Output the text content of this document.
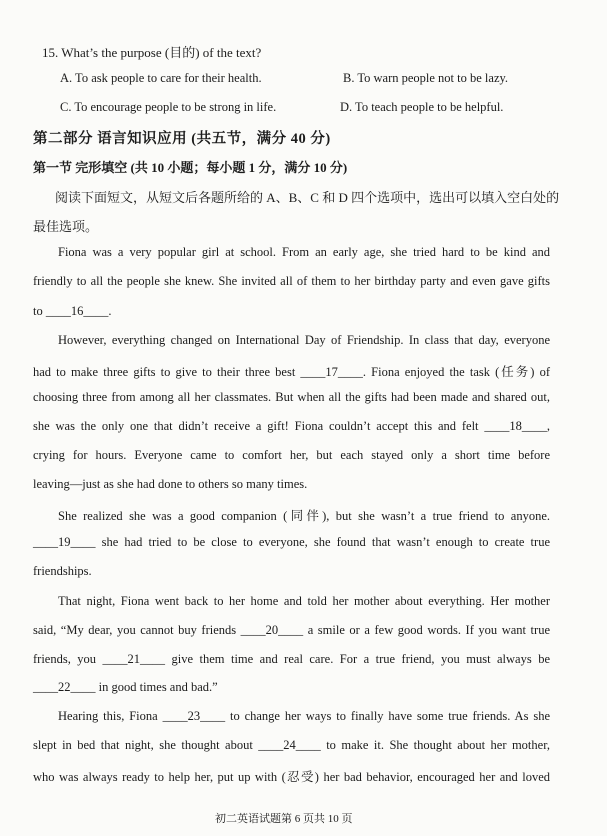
15. What’s the purpose (目的) of the text?
A. To ask people to care for their health.	B. To warn people not to be lazy.
C. To encourage people to be strong in life.	D. To teach people to be helpful.
第二部分 语言知识应用 (共五节，满分 40 分)
第一节 完形填空 (共 10 小题；每小题 1 分，满分 10 分)
阅读下面短文，从短文后各题所给的 A、B、C 和 D 四个选项中，选出可以填入空白处的
最佳选项。
Fiona was a very popular girl at school. From an early age, she tried hard to be kind and
friendly to all the people she knew. She invited all of them to her birthday party and even gave gifts
to ____16____.
However, everything changed on International Day of Friendship. In class that day, everyone
had to make three gifts to give to their three best ____17____. Fiona enjoyed the task (任务) of
choosing three from among all her classmates. But when all the gifts had been made and shared out,
she was the only one that didn’t receive a gift! Fiona couldn’t accept this and felt ____18____,
crying for hours. Everyone came to comfort her, but each stayed only a short time before
leaving—just as she had done to others so many times.
She realized she was a good companion (同伴), but she wasn’t a true friend to anyone.
____19____ she had tried to be close to everyone, she found that wasn’t enough to create true
friendships.
That night, Fiona went back to her home and told her mother about everything. Her mother
said, “My dear, you cannot buy friends ____20____ a smile or a few good words. If you want true
friends, you ____21____ give them time and real care. For a true friend, you must always be
____22____ in good times and bad.”
Hearing this, Fiona ____23____ to change her ways to finally have some true friends. As she
slept in bed that night, she thought about ____24____ to make it. She thought about her mother,
who was always ready to help her, put up with (忍受) her bad behavior, encouraged her and loved
初二英语试题第 6 页共 10 页
